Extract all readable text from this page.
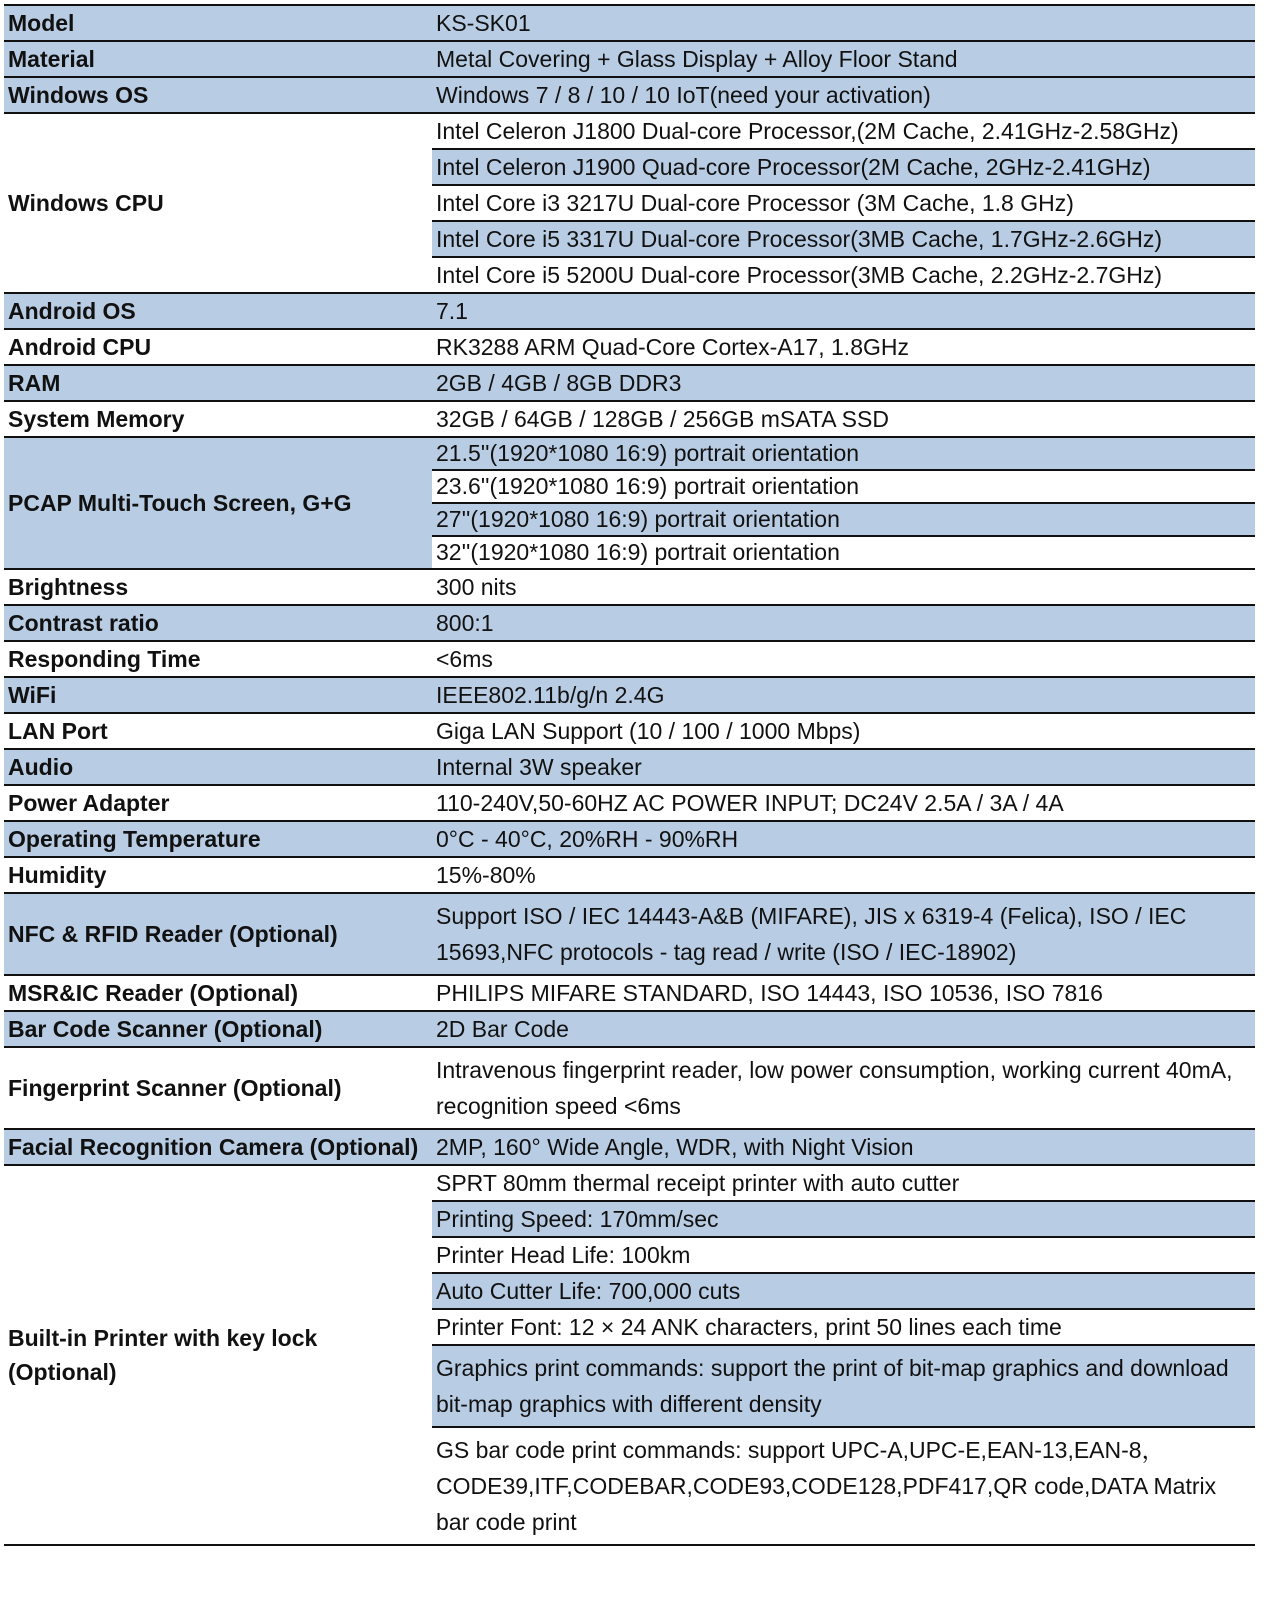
Model	KS-SK01
Material	Metal Covering + Glass Display + Alloy Floor Stand
Windows OS	Windows 7 / 8 / 10 / 10 IoT(need your activation)
Windows CPU	Intel Celeron J1800 Dual-core Processor,(2M Cache, 2.41GHz-2.58GHz)
	Intel Celeron J1900 Quad-core Processor(2M Cache, 2GHz-2.41GHz)
	Intel Core i3 3217U Dual-core Processor (3M Cache, 1.8 GHz)
	Intel Core i5 3317U Dual-core Processor(3MB Cache, 1.7GHz-2.6GHz)
	Intel Core i5 5200U Dual-core Processor(3MB Cache, 2.2GHz-2.7GHz)
Android OS	7.1
Android CPU	RK3288 ARM Quad-Core Cortex-A17, 1.8GHz
RAM	2GB / 4GB / 8GB DDR3
System Memory	32GB / 64GB / 128GB / 256GB mSATA SSD
PCAP Multi-Touch Screen, G+G	21.5''(1920*1080 16:9) portrait orientation
	23.6''(1920*1080 16:9) portrait orientation
	27''(1920*1080 16:9) portrait orientation
	32''(1920*1080 16:9) portrait orientation
Brightness	300 nits
Contrast ratio	800:1
Responding Time	<6ms
WiFi	IEEE802.11b/g/n 2.4G
LAN Port	Giga LAN Support (10 / 100 / 1000 Mbps)
Audio	Internal 3W speaker
Power Adapter	110-240V,50-60HZ AC POWER INPUT; DC24V 2.5A / 3A / 4A
Operating Temperature	0°C - 40°C, 20%RH - 90%RH
Humidity	15%-80%
NFC & RFID Reader (Optional)	Support ISO / IEC 14443-A&B (MIFARE), JIS x 6319-4 (Felica), ISO / IEC 15693,NFC protocols - tag read / write (ISO / IEC-18902)
MSR&IC Reader (Optional)	PHILIPS MIFARE STANDARD, ISO 14443, ISO 10536, ISO 7816
Bar Code Scanner (Optional)	2D Bar Code
Fingerprint Scanner (Optional)	Intravenous fingerprint reader, low power consumption, working current 40mA, recognition speed <6ms
Facial Recognition Camera (Optional)	2MP, 160° Wide Angle, WDR, with Night Vision
Built-in Printer with key lock (Optional)	SPRT 80mm thermal receipt printer with auto cutter
	Printing Speed: 170mm/sec
	Printer Head Life: 100km
	Auto Cutter Life: 700,000 cuts
	Printer Font: 12 × 24 ANK characters, print 50 lines each time
	Graphics print commands: support the print of bit-map graphics and download bit-map graphics with different density
	GS bar code print commands: support UPC-A,UPC-E,EAN-13,EAN-8，CODE39,ITF,CODEBAR,CODE93,CODE128,PDF417,QR code,DATA Matrix bar code print
